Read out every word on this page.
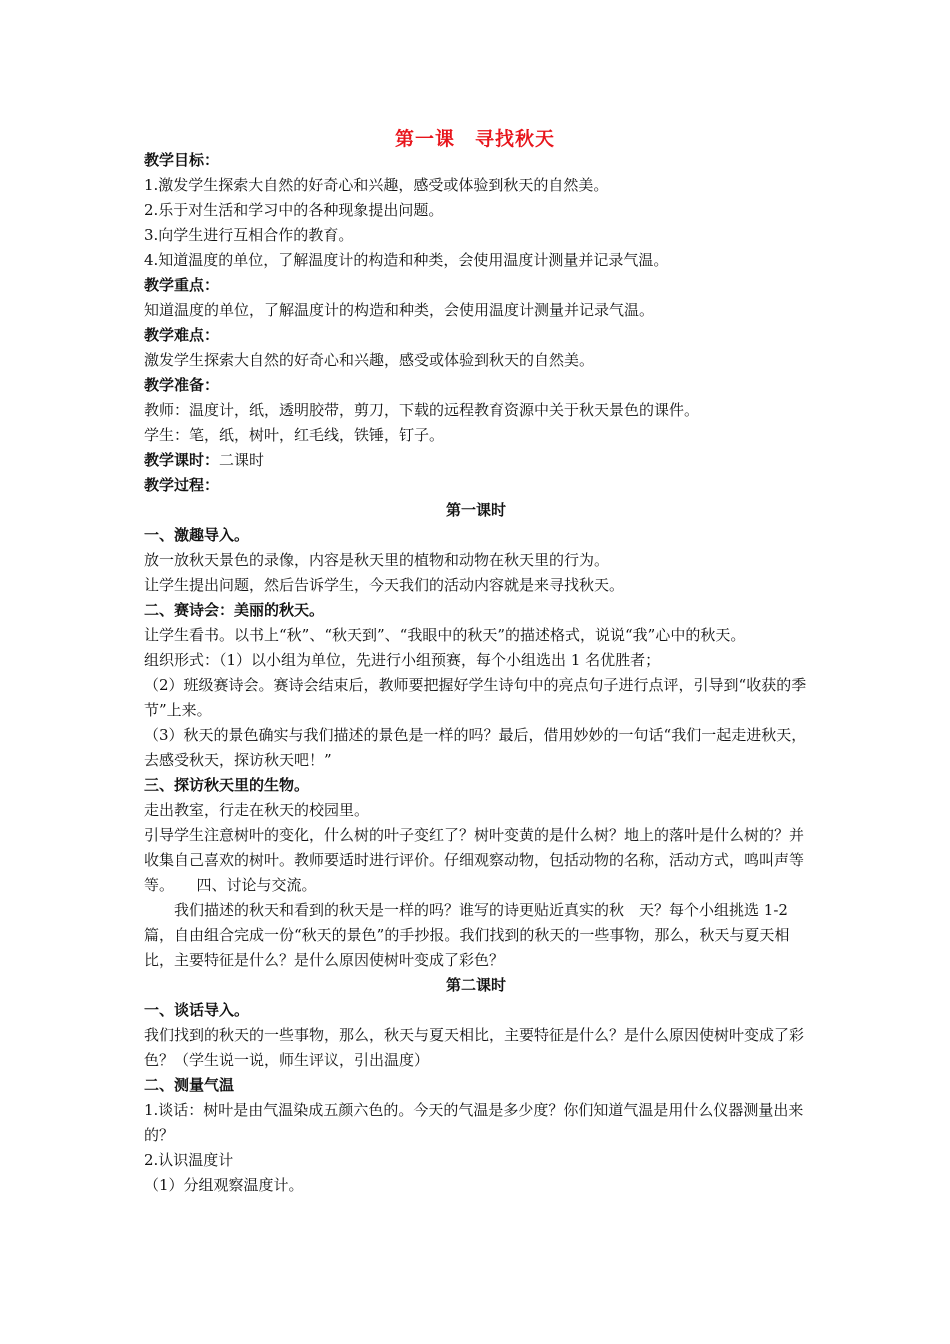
第一课　寻找秋天

教学目标：

1.激发学生探索大自然的好奇心和兴趣，感受或体验到秋天的自然美。

2.乐于对生活和学习中的各种现象提出问题。

3.向学生进行互相合作的教育。

4.知道温度的单位，了解温度计的构造和种类，会使用温度计测量并记录气温。

教学重点：

知道温度的单位，了解温度计的构造和种类，会使用温度计测量并记录气温。

教学难点：

激发学生探索大自然的好奇心和兴趣，感受或体验到秋天的自然美。

教学准备：

教师：温度计，纸，透明胶带，剪刀，下载的远程教育资源中关于秋天景色的课件。

学生：笔，纸，树叶，红毛线，铁锤，钉子。

教学课时：二课时

教学过程：

第一课时

一、激趣导入。

放一放秋天景色的录像，内容是秋天里的植物和动物在秋天里的行为。

让学生提出问题，然后告诉学生，今天我们的活动内容就是来寻找秋天。

二、赛诗会：美丽的秋天。

让学生看书。以书上“秋”、“秋天到”、“我眼中的秋天”的描述格式，说说“我”心中的秋天。

组织形式：（1）以小组为单位，先进行小组预赛，每个小组选出 1 名优胜者；

（2）班级赛诗会。赛诗会结束后，教师要把握好学生诗句中的亮点句子进行点评，引导到“收获的季节”上来。

（3）秋天的景色确实与我们描述的景色是一样的吗？最后，借用妙妙的一句话“我们一起走进秋天，去感受秋天，探访秋天吧！”

三、探访秋天里的生物。

走出教室，行走在秋天的校园里。

引导学生注意树叶的变化，什么树的叶子变红了？树叶变黄的是什么树？地上的落叶是什么树的？并收集自己喜欢的树叶。教师要适时进行评价。仔细观察动物，包括动物的名称，活动方式，鸣叫声等等。　　四、讨论与交流。

我们描述的秋天和看到的秋天是一样的吗？谁写的诗更贴近真实的秋　天？每个小组挑选 1-2 篇，自由组合完成一份“秋天的景色”的手抄报。我们找到的秋天的一些事物，那么，秋天与夏天相比，主要特征是什么？是什么原因使树叶变成了彩色？

第二课时

一、谈话导入。

我们找到的秋天的一些事物，那么，秋天与夏天相比，主要特征是什么？是什么原因使树叶变成了彩色？（学生说一说，师生评议，引出温度）

二、测量气温

1.谈话：树叶是由气温染成五颜六色的。今天的气温是多少度？你们知道气温是用什么仪器测量出来的？

2.认识温度计

（1）分组观察温度计。
